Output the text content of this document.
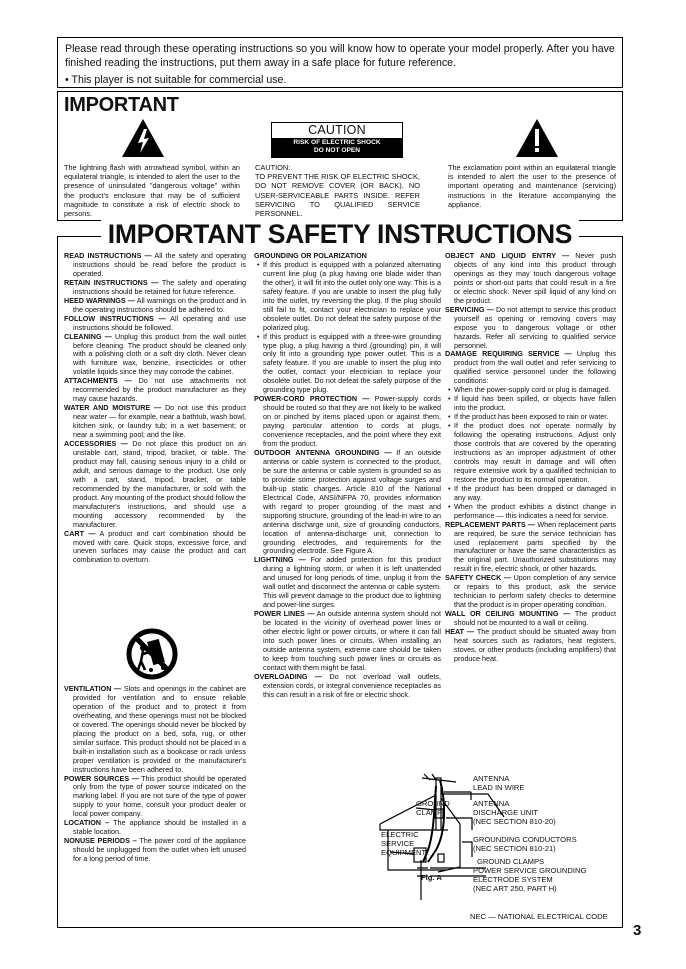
Please read through these operating instructions so you will know how to operate your model properly. After you have finished reading the instructions, put them away in a safe place for future reference.

• This player is not suitable for commercial use.

IMPORTANT
The lightning flash with arrowhead symbol, within an equilateral triangle, is intended to alert the user to the presence of uninsulated "dangerous voltage" within the product's enclosure that may be of sufficient magnitude to constitute a risk of electric shock to persons.
CAUTION
RISK OF ELECTRIC SHOCK
DO NOT OPEN
CAUTION:
TO PREVENT THE RISK OF ELECTRIC SHOCK, DO NOT REMOVE COVER (OR BACK). NO USER-SERVICEABLE PARTS INSIDE. REFER SERVICING TO QUALIFIED SERVICE PERSONNEL.
The exclamation point within an equilateral triangle is intended to alert the user to the presence of important operating and maintenance (servicing) instructions in the literature accompanying the appliance.
IMPORTANT SAFETY INSTRUCTIONS

READ INSTRUCTIONS — All the safety and operating instructions should be read before the product is operated.

RETAIN INSTRUCTIONS — The safety and operating instructions should be retained for future reference.

HEED WARNINGS — All warnings on the product and in the operating instructions should be adhered to.

FOLLOW INSTRUCTIONS — All operating and use instructions should be followed.

CLEANING — Unplug this product from the wall outlet before cleaning. The product should be cleaned only with a polishing cloth or a soft dry cloth. Never clean with furniture wax, benzine, insecticides or other volatile liquids since they may corrode the cabinet.

ATTACHMENTS — Do not use attachments not recommended by the product manufacturer as they may cause hazards.

WATER AND MOISTURE — Do not use this product near water — for example, near a bathtub, wash bowl, kitchen sink, or laundry tub; in a wet basement; or near a swimming pool; and the like.

ACCESSORIES — Do not place this product on an unstable cart, stand, tripod, bracket, or table. The product may fall, causing serious injury to a child or adult, and serious damage to the product. Use only with a cart, stand, tripod, bracket, or table recommended by the manufacturer, or sold with the product. Any mounting of the product should follow the manufacturer's instructions, and should use a mounting accessory recommended by the manufacturer.

CART — A product and cart combination should be moved with care. Quick stops, excessive force, and uneven surfaces may cause the product and cart combination to overturn.

VENTILATION — Slots and openings in the cabinet are provided for ventilation and to ensure reliable operation of the product and to protect it from overheating, and these openings must not be blocked or covered. The openings should never be blocked by placing the product on a bed, sofa, rug, or other similar surface. This product should not be placed in a built-in installation such as a bookcase or rack unless proper ventilation is provided or the manufacturer's instructions have been adhered to.

POWER SOURCES — This product should be operated only from the type of power source indicated on the marking label. If you are not sure of the type of power supply to your home, consult your product dealer or local power company.

LOCATION – The appliance should be installed in a stable location.

NONUSE PERIODS – The power cord of the appliance should be unplugged from the outlet when left unused for a long period of time.

GROUNDING OR POLARIZATION

• If this product is equipped with a polarized alternating current line plug (a plug having one blade wider than the other), it will fit into the outlet only one way. This is a safety feature. If you are unable to insert the plug fully into the outlet, try reversing the plug. If the plug should still fail to fit, contact your electrician to replace your obsolete outlet. Do not defeat the safety purpose of the polarized plug.

• If this product is equipped with a three-wire grounding type plug, a plug having a third (grounding) pin, it will only fit into a grounding type power outlet. This is a safety feature. If you are unable to insert the plug into the outlet, contact your electrician to replace your obsolete outlet. Do not defeat the safety purpose of the grounding type plug.

POWER-CORD PROTECTION — Power-supply cords should be routed so that they are not likely to be walked on or pinched by items placed upon or against them, paying particular attention to cords at plugs, convenience receptacles, and the point where they exit from the product.

OUTDOOR ANTENNA GROUNDING — If an outside antenna or cable system is connected to the product, be sure the antenna or cable system is grounded so as to provide some protection against voltage surges and built-up static charges. Article 810 of the National Electrical Code, ANSI/NFPA 70, provides information with regard to proper grounding of the mast and supporting structure, grounding of the lead-in wire to an antenna discharge unit, size of grounding conductors, location of antenna-discharge unit, connection to grounding electrodes, and requirements for the grounding electrode. See Figure A.

LIGHTNING — For added protection for this product during a lightning storm, or when it is left unattended and unused for long periods of time, unplug it from the wall outlet and disconnect the antenna or cable system. This will prevent damage to the product due to lightning and power-line surges.

POWER LINES — An outside antenna system should not be located in the vicinity of overhead power lines or other electric light or power circuits, or where it can fall into such power lines or circuits. When installing an outside antenna system, extreme care should be taken to keep from touching such power lines or circuits as contact with them might be fatal.

OVERLOADING — Do not overload wall outlets, extension cords, or integral convenience receptacles as this can result in a risk of fire or electric shock.

OBJECT AND LIQUID ENTRY — Never push objects of any kind into this product through openings as they may touch dangerous voltage points or short-out parts that could result in a fire or electric shock. Never spill liquid of any kind on the product.

SERVICING — Do not attempt to service this product yourself as opening or removing covers may expose you to dangerous voltage or other hazards. Refer all servicing to qualified service personnel.

DAMAGE REQUIRING SERVICE — Unplug this product from the wall outlet and refer servicing to qualified service personnel under the following conditions:

• When the power-supply cord or plug is damaged.

• If liquid has been spilled, or objects have fallen into the product.

• If the product has been exposed to rain or water.

• If the product does not operate normally by following the operating instructions. Adjust only those controls that are covered by the operating instructions as an improper adjustment of other controls may result in damage and will often require extensive work by a qualified technician to restore the product to its normal operation.

• If the product has been dropped or damaged in any way.

• When the product exhibits a distinct change in performance — this indicates a need for service.

REPLACEMENT PARTS — When replacement parts are required, be sure the service technician has used replacement parts specified by the manufacturer or have the same characteristics as the original part. Unauthorized substitutions may result in fire, electric shock, or other hazards.

SAFETY CHECK — Upon completion of any service or repairs to this product, ask the service technician to perform safety checks to determine that the product is in proper operating condition.

WALL OR CEILING MOUNTING — The product should not be mounted to a wall or ceiling.

HEAT — The product should be situated away from heat sources such as radiators, heat registers, stoves, or other products (including amplifiers) that produce heat.

ANTENNA
LEAD IN WIRE
GROUND
CLAMP
ANTENNA
DISCHARGE UNIT
(NEC SECTION 810-20)
ELECTRIC
SERVICE
EQUIPMENT
GROUNDING CONDUCTORS
(NEC SECTION 810-21)
GROUND CLAMPS
POWER SERVICE GROUNDING
ELECTRODE SYSTEM
(NEC ART 250, PART H)
Fig. A
NEC — NATIONAL ELECTRICAL CODE
3
